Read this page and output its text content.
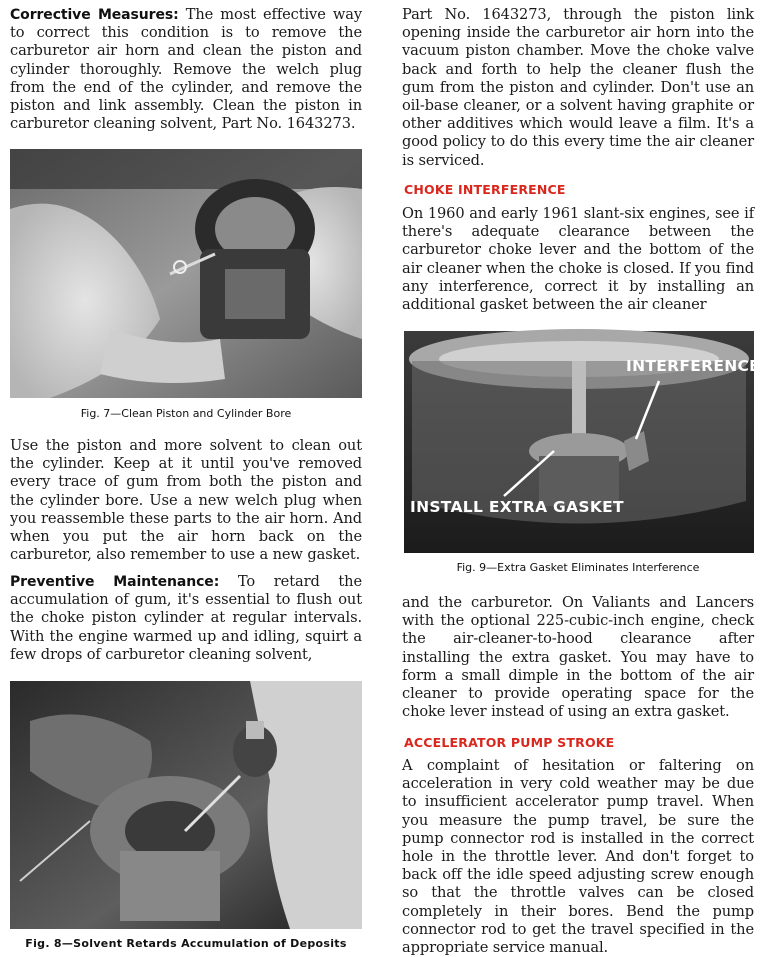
Corrective Measures: The most effective way to correct this condition is to remove the carburetor air horn and clean the piston and cylinder thoroughly. Remove the welch plug from the end of the cylinder, and remove the piston and link assembly. Clean the piston in carburetor cleaning solvent, Part No. 1643273.

Fig. 7—Clean Piston and Cylinder Bore

Use the piston and more solvent to clean out the cylinder. Keep at it until you've removed every trace of gum from both the piston and the cylinder bore. Use a new welch plug when you reassemble these parts to the air horn. And when you put the air horn back on the carburetor, also remember to use a new gasket.

Preventive Maintenance: To retard the accumulation of gum, it's essential to flush out the choke piston cylinder at regular intervals. With the engine warmed up and idling, squirt a few drops of carburetor cleaning solvent,

Fig. 8—Solvent Retards Accumulation of Deposits

Part No. 1643273, through the piston link opening inside the carburetor air horn into the vacuum piston chamber. Move the choke valve back and forth to help the cleaner flush the gum from the piston and cylinder. Don't use an oil-base cleaner, or a solvent having graphite or other additives which would leave a film. It's a good policy to do this every time the air cleaner is serviced.

CHOKE INTERFERENCE

On 1960 and early 1961 slant-six engines, see if there's adequate clearance between the carburetor choke lever and the bottom of the air cleaner when the choke is closed. If you find any interference, correct it by installing an additional gasket between the air cleaner

INTERFERENCE?
INSTALL EXTRA GASKET

Fig. 9—Extra Gasket Eliminates Interference

and the carburetor. On Valiants and Lancers with the optional 225-cubic-inch engine, check the air-cleaner-to-hood clearance after installing the extra gasket. You may have to form a small dimple in the bottom of the air cleaner to provide operating space for the choke lever instead of using an extra gasket.

ACCELERATOR PUMP STROKE

A complaint of hesitation or faltering on acceleration in very cold weather may be due to insufficient accelerator pump travel. When you measure the pump travel, be sure the pump connector rod is installed in the correct hole in the throttle lever. And don't forget to back off the idle speed adjusting screw enough so that the throttle valves can be closed completely in their bores. Bend the pump connector rod to get the travel specified in the appropriate service manual.
